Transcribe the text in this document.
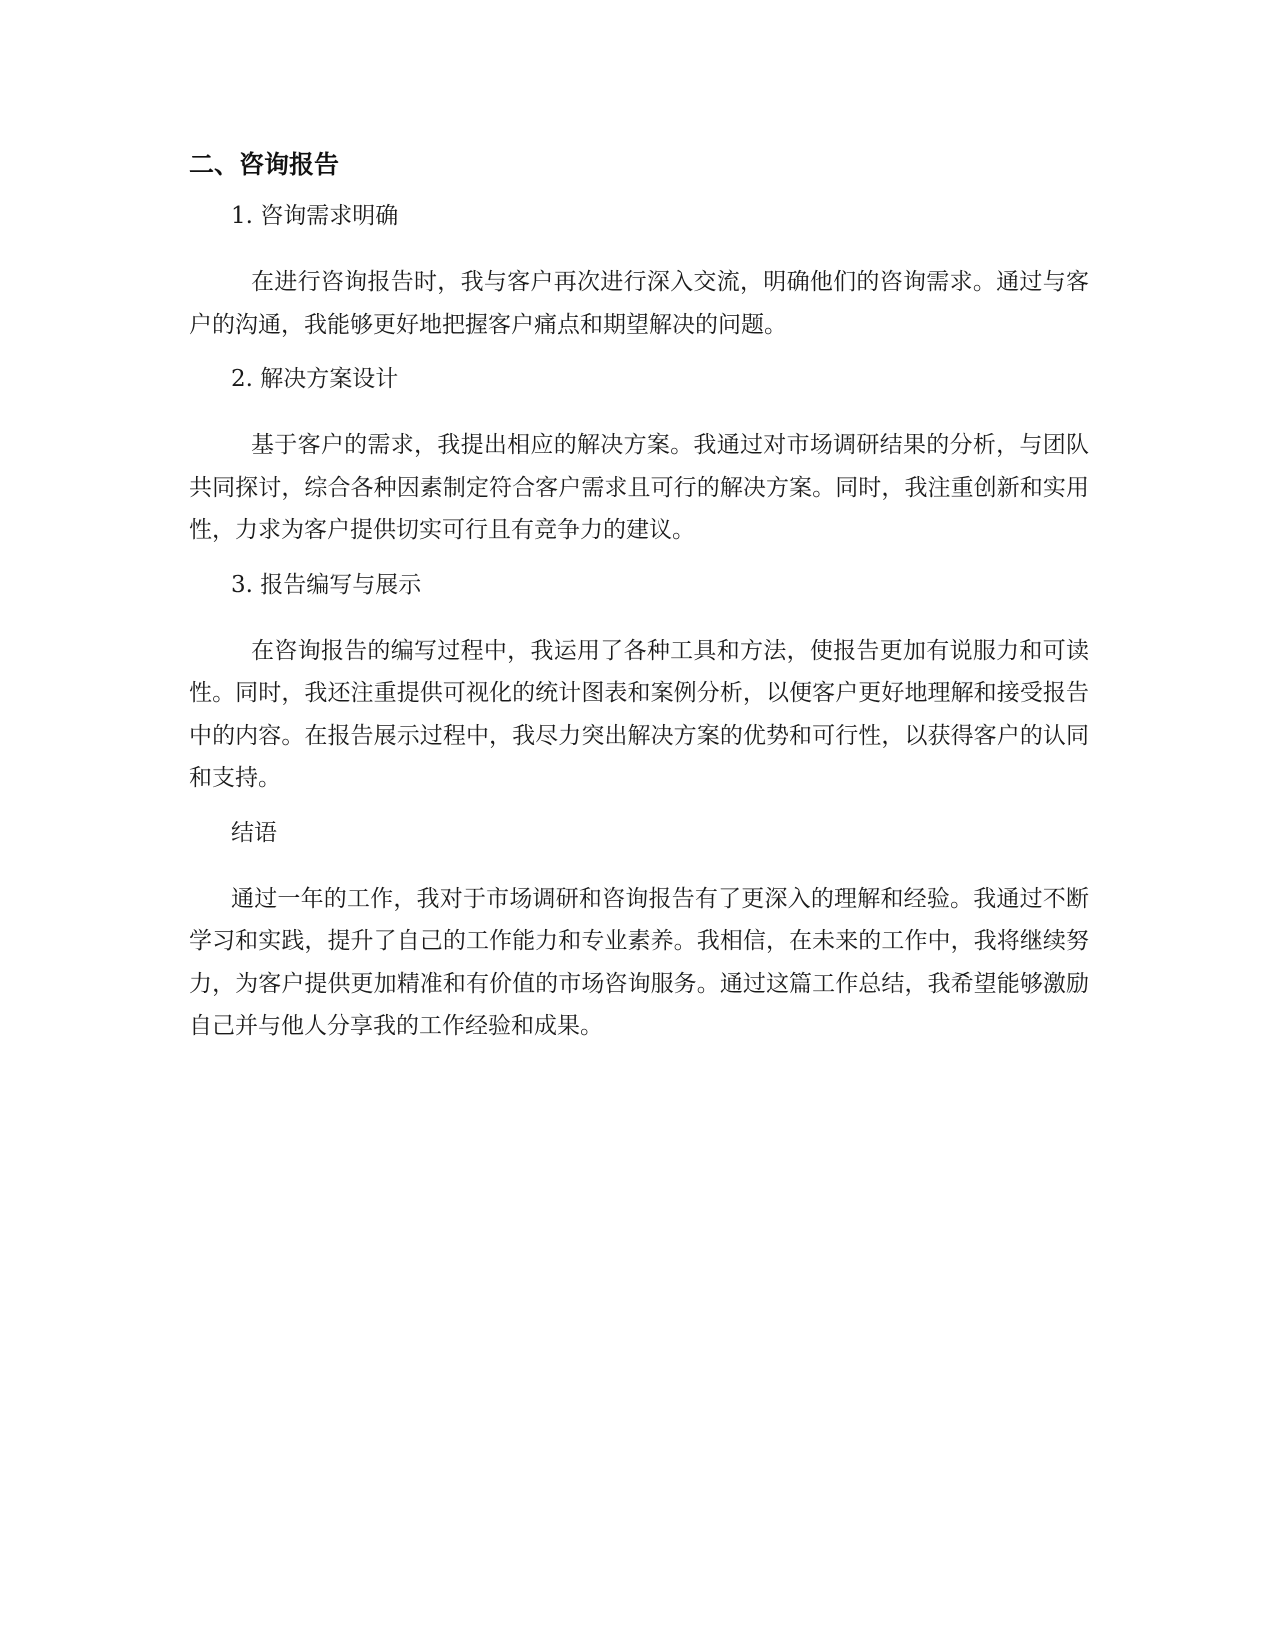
二、咨询报告
1. 咨询需求明确

在进行咨询报告时，我与客户再次进行深入交流，明确他们的咨询需求。通过与客户的沟通，我能够更好地把握客户痛点和期望解决的问题。

2. 解决方案设计

基于客户的需求，我提出相应的解决方案。我通过对市场调研结果的分析，与团队共同探讨，综合各种因素制定符合客户需求且可行的解决方案。同时，我注重创新和实用性，力求为客户提供切实可行且有竞争力的建议。

3. 报告编写与展示

在咨询报告的编写过程中，我运用了各种工具和方法，使报告更加有说服力和可读性。同时，我还注重提供可视化的统计图表和案例分析，以便客户更好地理解和接受报告中的内容。在报告展示过程中，我尽力突出解决方案的优势和可行性，以获得客户的认同和支持。

结语

通过一年的工作，我对于市场调研和咨询报告有了更深入的理解和经验。我通过不断学习和实践，提升了自己的工作能力和专业素养。我相信，在未来的工作中，我将继续努力，为客户提供更加精准和有价值的市场咨询服务。通过这篇工作总结，我希望能够激励自己并与他人分享我的工作经验和成果。
